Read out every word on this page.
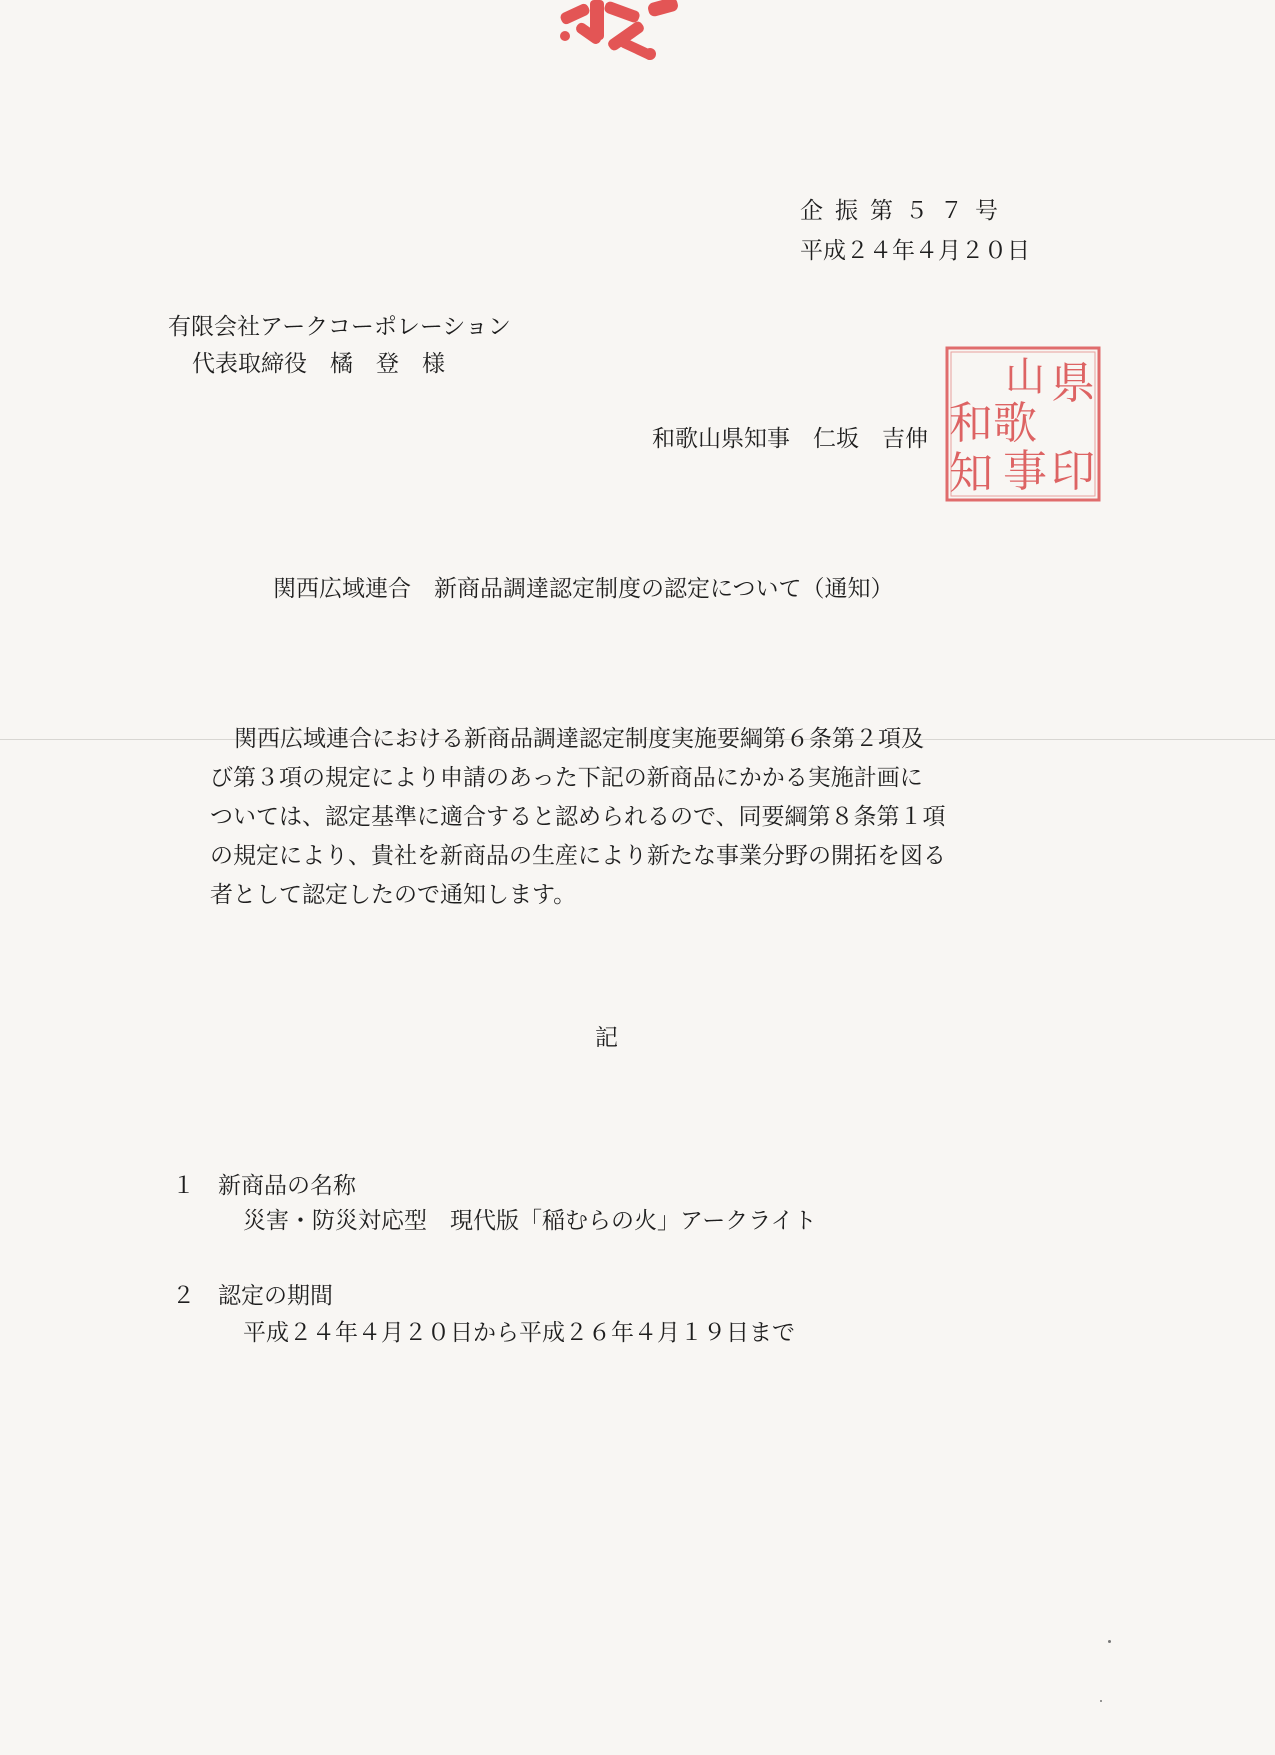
企振第５７号
平成２４年４月２０日
有限会社アークコーポレーション
代表取締役　橘　登　様
和歌山県知事　仁坂　吉伸
県
印
山
事
歌
和
知
関西広域連合　新商品調達認定制度の認定について（通知）
関西広域連合における新商品調達認定制度実施要綱第６条第２項及
び第３項の規定により申請のあった下記の新商品にかかる実施計画に
ついては、認定基準に適合すると認められるので、同要綱第８条第１項
の規定により、貴社を新商品の生産により新たな事業分野の開拓を図る
者として認定したので通知します。
記
１ 新商品の名称
災害・防災対応型　現代版「稲むらの火」アークライト
２ 認定の期間
平成２４年４月２０日から平成２６年４月１９日まで
